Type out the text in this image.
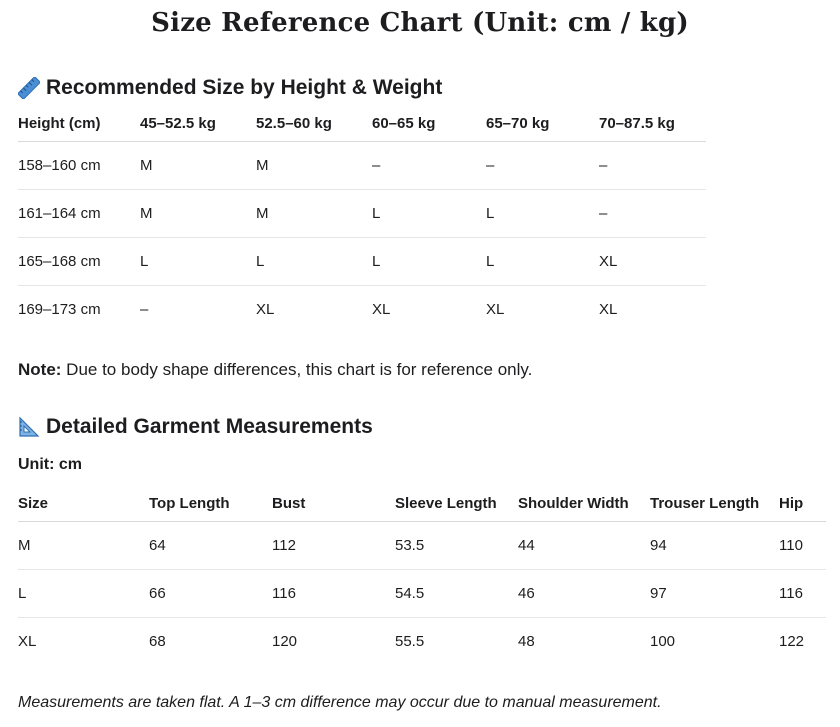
Size Reference Chart (Unit: cm / kg)
Recommended Size by Height & Weight
Height (cm)	45–52.5 kg	52.5–60 kg	60–65 kg	65–70 kg	70–87.5 kg
158–160 cm	M	M	–	–	–
161–164 cm	M	M	L	L	–
165–168 cm	L	L	L	L	XL
169–173 cm	–	XL	XL	XL	XL
Note: Due to body shape differences, this chart is for reference only.
Detailed Garment Measurements
Unit: cm
Size	Top Length	Bust	Sleeve Length	Shoulder Width	Trouser Length	Hip
M	64	112	53.5	44	94	110
L	66	116	54.5	46	97	116
XL	68	120	55.5	48	100	122
Measurements are taken flat. A 1–3 cm difference may occur due to manual measurement.
